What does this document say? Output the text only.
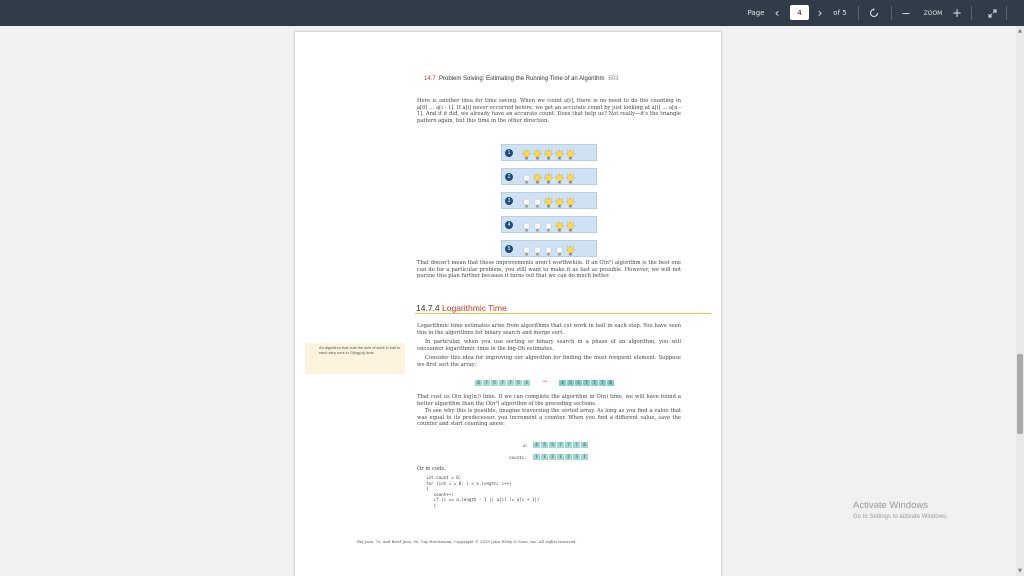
Page ‹	4	›	of 5	−	ZOOM +
14.7 Problem Solving: Estimating the Running Time of an Algorithm 503
Here is another idea for time saving. When we count a[i], there is no need to do the counting in a[0] … a[i - 1]. If a[i] never occurred before, we get an accurate count by just looking at a[i] … a[n - 1]. And if it did, we already have an accurate count. Does that help us? Not really—it's the triangle pattern again, but this time in the other direction.
1
2
3
4
5
That doesn't mean that these improvements aren't worthwhile. If an O(n²) algorithm is the best one can do for a particular problem, you still want to make it as fast as possible. However, we will not pursue this plan further because it turns out that we can do much better.
14.7.4 Logarithmic Time
Logarithmic time estimates arise from algorithms that cut work in half in each step. You have seen this in the algorithms for binary search and merge sort.
In particular, when you use sorting or binary search in a phase of an algorithm, you will encounter logarithmic time in the big-Oh estimates.
Consider this idea for improving our algorithm for finding the most frequent element. Suppose we first sort the array:
An algorithm that cuts the size of work in half in each step runs in O(log(n)) time.
8	7	5	7	7	5	4	→	4	5	5	7	7	7	8
That cost us O(n log(n)) time. If we can complete the algorithm in O(n) time, we will have found a better algorithm than the O(n²) algorithm of the preceding sections.
To see why this is possible, imagine traversing the sorted array. As long as you find a value that was equal to its predecessor, you increment a counter. When you find a different value, save the counter and start counting anew:
a:	4	5	5	7	7	7	8
counts:	1	1	2	1	2	3	1
Or in code,
int count = 0;
for (int i = 0; i < a.length; i++)
{
count++;
if (i == a.length - 1 || a[i] != a[i + 1])
{
Big Java, 7e, and Brief Java, 9e, Cay Horstmann, Copyright © 2019 John Wiley & Sons, Inc. All rights reserved.
▲
▼
Activate Windows
Go to Settings to activate Windows.
